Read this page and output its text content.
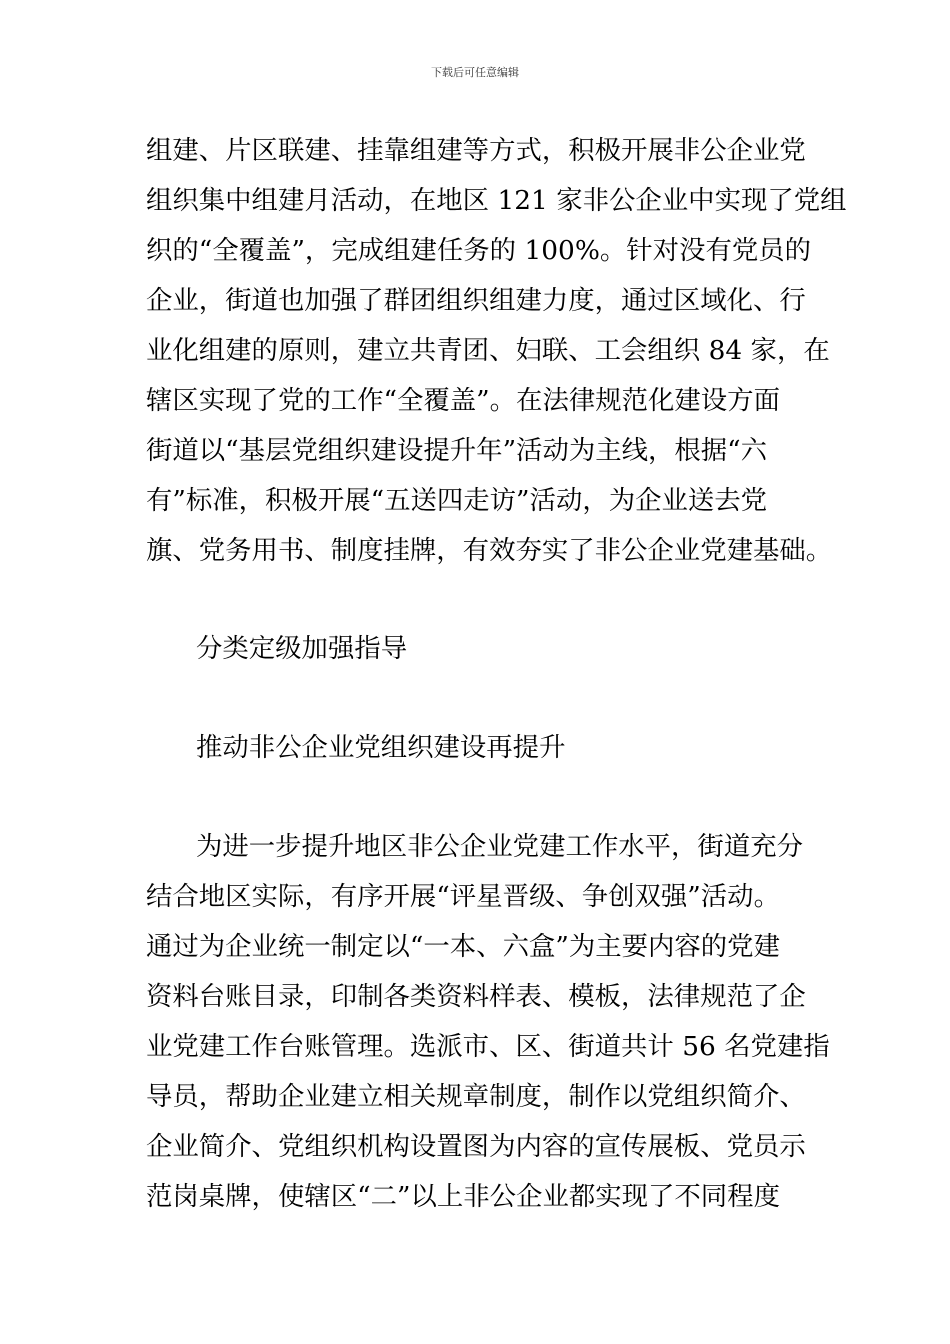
下载后可任意编辑
组建、片区联建、挂靠组建等方式，积极开展非公企业党
组织集中组建月活动，在地区 121 家非公企业中实现了党组
织的“全覆盖”，完成组建任务的 100%。针对没有党员的
企业，街道也加强了群团组织组建力度，通过区域化、行
业化组建的原则，建立共青团、妇联、工会组织 84 家，在
辖区实现了党的工作“全覆盖”。在法律规范化建设方面
街道以“基层党组织建设提升年”活动为主线，根据“六
有”标准，积极开展“五送四走访”活动，为企业送去党
旗、党务用书、制度挂牌，有效夯实了非公企业党建基础。
分类定级加强指导
推动非公企业党组织建设再提升
为进一步提升地区非公企业党建工作水平，街道充分
结合地区实际，有序开展“评星晋级、争创双强”活动。
通过为企业统一制定以“一本、六盒”为主要内容的党建
资料台账目录，印制各类资料样表、模板，法律规范了企
业党建工作台账管理。选派市、区、街道共计 56 名党建指
导员，帮助企业建立相关规章制度，制作以党组织简介、
企业简介、党组织机构设置图为内容的宣传展板、党员示
范岗桌牌，使辖区“二”以上非公企业都实现了不同程度
